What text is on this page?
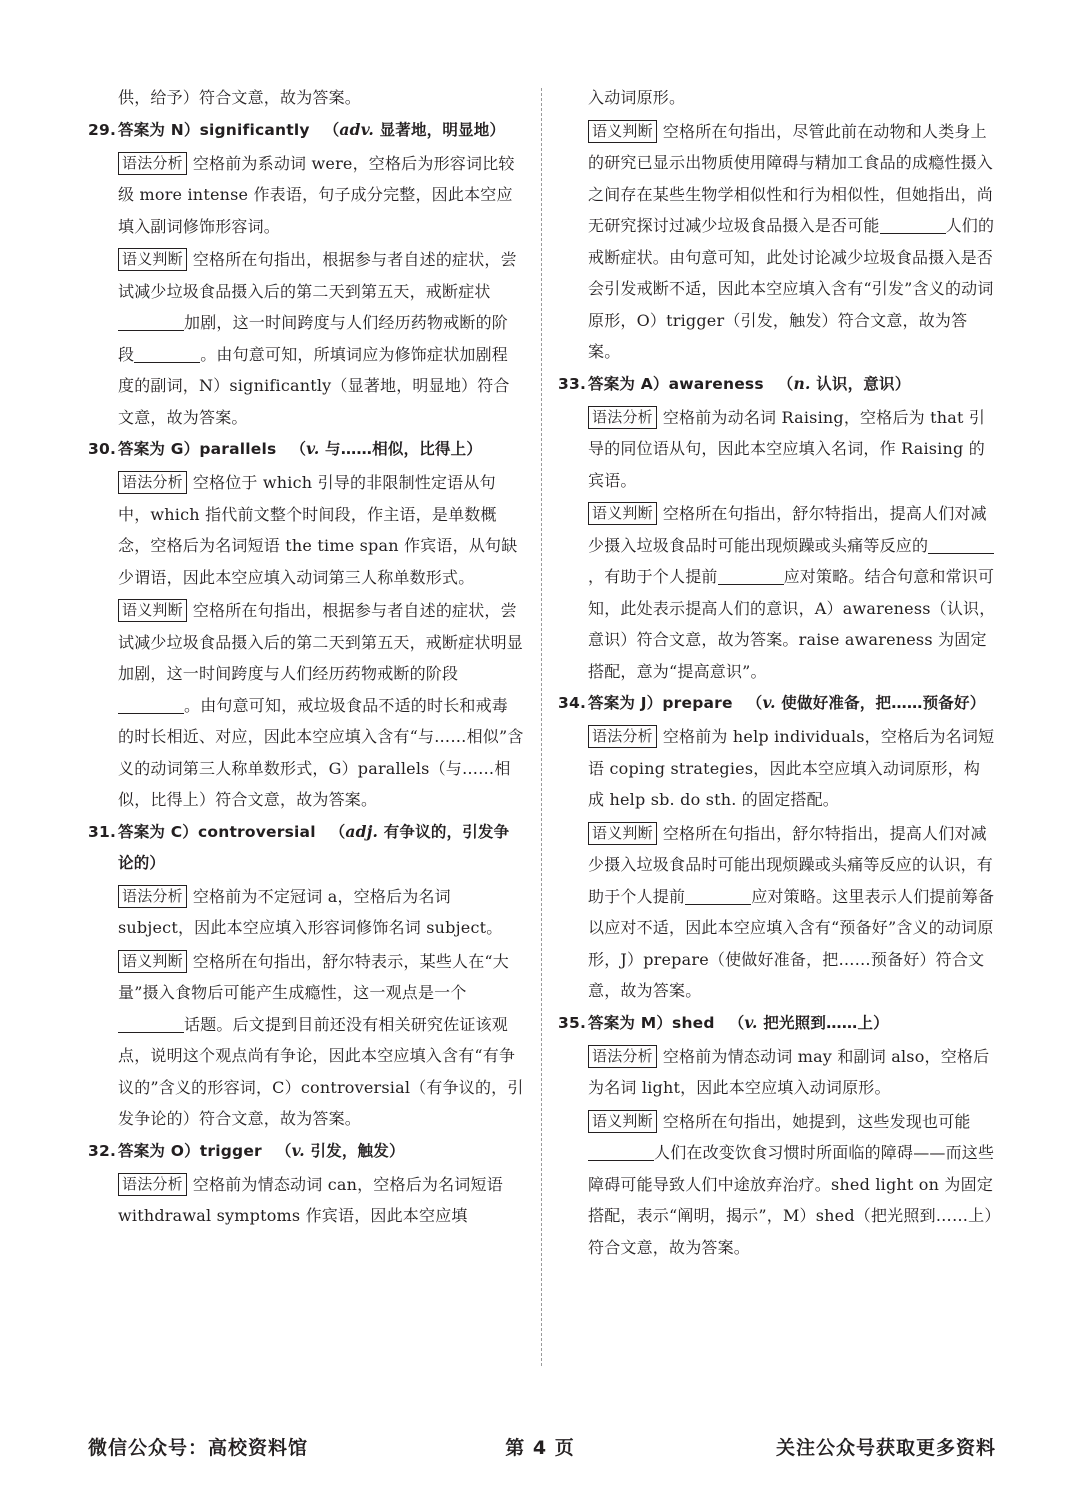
供，给予）符合文意，故为答案。

29. 答案为 N）significantly （adv. 显著地，明显地）

语法分析 空格前为系动词 were，空格后为形容词比较级 more intense 作表语，句子成分完整，因此本空应填入副词修饰形容词。

语义判断 空格所在句指出，根据参与者自述的症状，尝试减少垃圾食品摄入后的第二天到第五天，戒断症状加剧，这一时间跨度与人们经历药物戒断的阶段	。由句意可知，所填词应为修饰症状加剧程度的副词，N）significantly（显著地，明显地）符合文意，故为答案。

30. 答案为 G）parallels （v. 与……相似，比得上）

语法分析 空格位于 which 引导的非限制性定语从句中，which 指代前文整个时间段，作主语，是单数概念，空格后为名词短语 the time span 作宾语，从句缺少谓语，因此本空应填入动词第三人称单数形式。

语义判断 空格所在句指出，根据参与者自述的症状，尝试减少垃圾食品摄入后的第二天到第五天，戒断症状明显加剧，这一时间跨度与人们经历药物戒断的阶段。由句意可知，戒垃圾食品不适的时长和戒毒的时长相近、对应，因此本空应填入含有“与……相似”含义的动词第三人称单数形式，G）parallels（与……相似，比得上）符合文意，故为答案。

31. 答案为 C）controversial （adj. 有争议的，引发争论的）

语法分析 空格前为不定冠词 a，空格后为名词 subject，因此本空应填入形容词修饰名词 subject。

语义判断 空格所在句指出，舒尔特表示，某些人在“大量”摄入食物后可能产生成瘾性，这一观点是一个话题。后文提到目前还没有相关研究佐证该观点，说明这个观点尚有争论，因此本空应填入含有“有争议的”含义的形容词，C）controversial（有争议的，引发争论的）符合文意，故为答案。

32. 答案为 O）trigger （v. 引发，触发）

语法分析 空格前为情态动词 can，空格后为名词短语 withdrawal symptoms 作宾语，因此本空应填

入动词原形。

语义判断 空格所在句指出，尽管此前在动物和人类身上的研究已显示出物质使用障碍与精加工食品的成瘾性摄入之间存在某些生物学相似性和行为相似性，但她指出，尚无研究探讨过减少垃圾食品摄入是否可能	人们的戒断症状。由句意可知，此处讨论减少垃圾食品摄入是否会引发戒断不适，因此本空应填入含有“引发”含义的动词原形，O）trigger（引发，触发）符合文意，故为答案。

33. 答案为 A）awareness （n. 认识，意识）

语法分析 空格前为动名词 Raising，空格后为 that 引导的同位语从句，因此本空应填入名词，作 Raising 的宾语。

语义判断 空格所在句指出，舒尔特指出，提高人们对减少摄入垃圾食品时可能出现烦躁或头痛等反应的，有助于个人提前	应对策略。结合句意和常识可知，此处表示提高人们的意识，A）awareness（认识，意识）符合文意，故为答案。raise awareness 为固定搭配，意为“提高意识”。

34. 答案为 J）prepare （v. 使做好准备，把……预备好）

语法分析 空格前为 help individuals，空格后为名词短语 coping strategies，因此本空应填入动词原形，构成 help sb. do sth. 的固定搭配。

语义判断 空格所在句指出，舒尔特指出，提高人们对减少摄入垃圾食品时可能出现烦躁或头痛等反应的认识，有助于个人提前	应对策略。这里表示人们提前筹备以应对不适，因此本空应填入含有“预备好”含义的动词原形，J）prepare（使做好准备，把……预备好）符合文意，故为答案。

35. 答案为 M）shed （v. 把光照到……上）

语法分析 空格前为情态动词 may 和副词 also，空格后为名词 light，因此本空应填入动词原形。

语义判断 空格所在句指出，她提到，这些发现也可能人们在改变饮食习惯时所面临的障碍——而这些障碍可能导致人们中途放弃治疗。shed light on 为固定搭配，表示“阐明，揭示”，M）shed（把光照到……上）符合文意，故为答案。

微信公众号：高校资料馆	第 4 页	关注公众号获取更多资料
